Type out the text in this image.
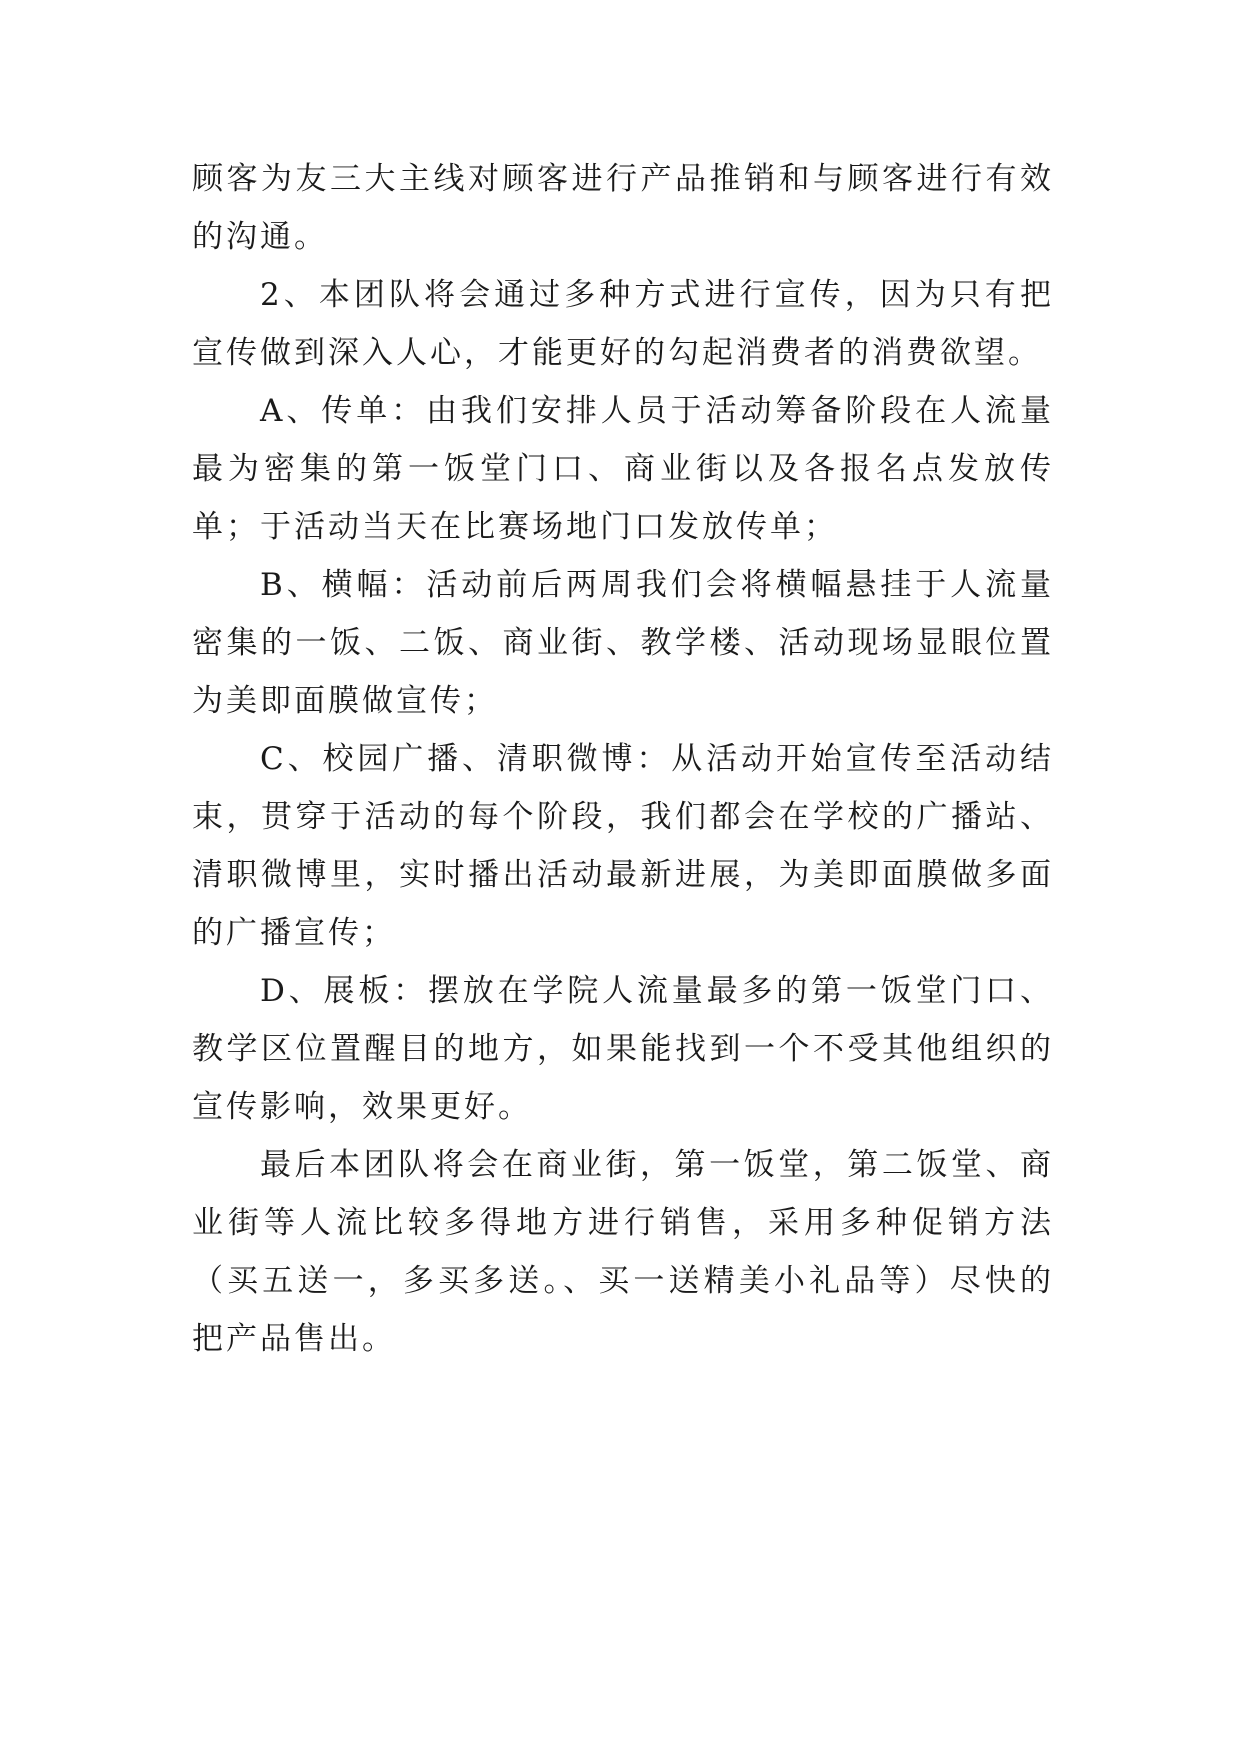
顾客为友三大主线对顾客进行产品推销和与顾客进行有效的沟通。

2、本团队将会通过多种方式进行宣传，因为只有把宣传做到深入人心，才能更好的勾起消费者的消费欲望。

A、传单：由我们安排人员于活动筹备阶段在人流量最为密集的第一饭堂门口、商业街以及各报名点发放传单；于活动当天在比赛场地门口发放传单；

B、横幅：活动前后两周我们会将横幅悬挂于人流量密集的一饭、二饭、商业街、教学楼、活动现场显眼位置为美即面膜做宣传；

C、校园广播、清职微博：从活动开始宣传至活动结束，贯穿于活动的每个阶段，我们都会在学校的广播站、清职微博里，实时播出活动最新进展，为美即面膜做多面的广播宣传；

D、展板：摆放在学院人流量最多的第一饭堂门口、教学区位置醒目的地方，如果能找到一个不受其他组织的宣传影响，效果更好。

最后本团队将会在商业街，第一饭堂，第二饭堂、商业街等人流比较多得地方进行销售，采用多种促销方法（买五送一，多买多送。、买一送精美小礼品等）尽快的把产品售出。
